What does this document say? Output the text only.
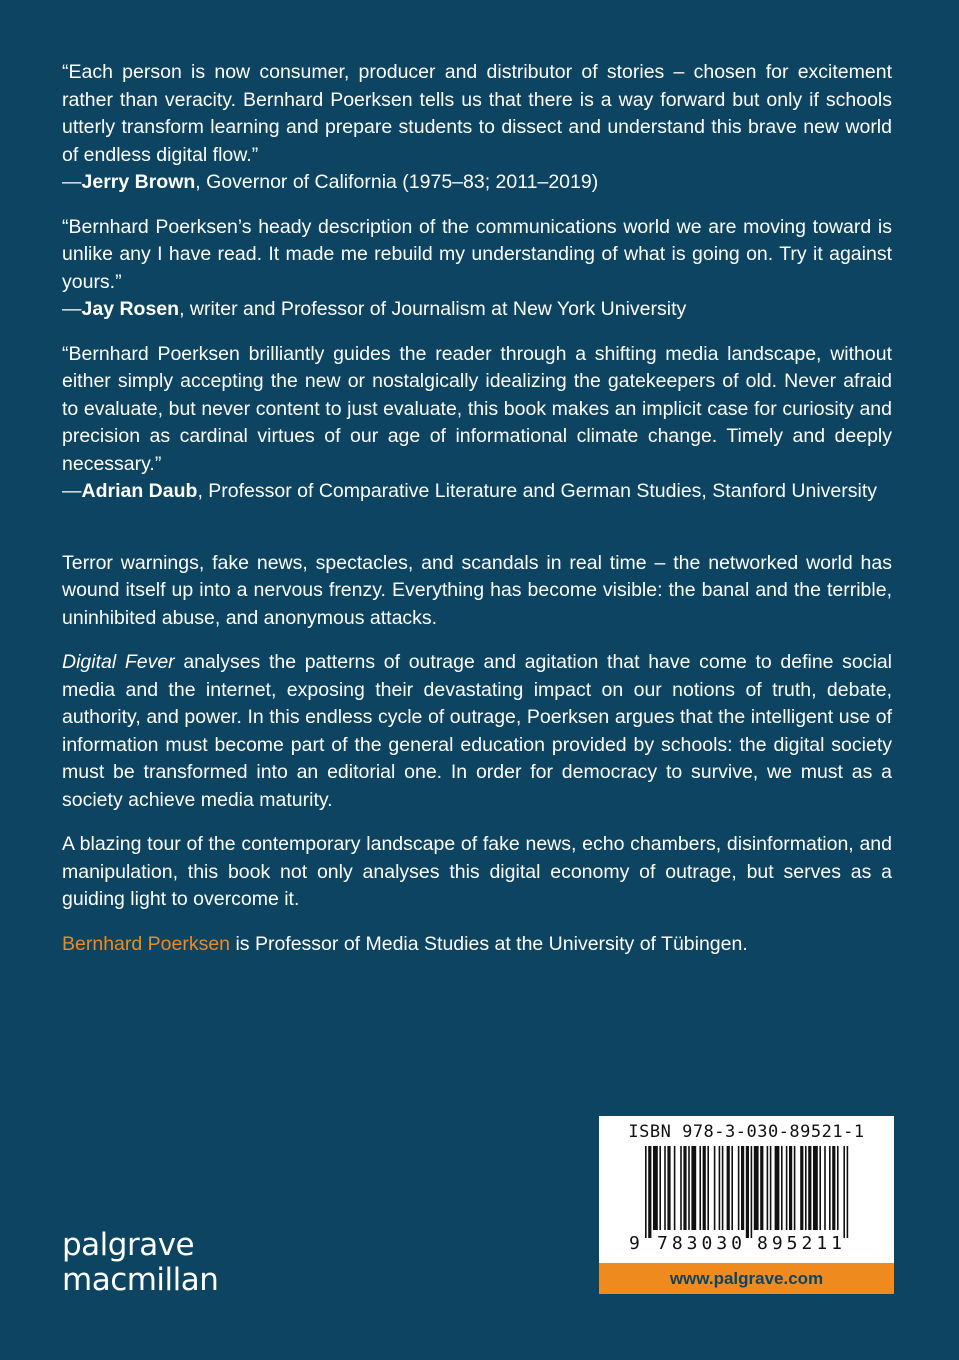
“Each person is now consumer, producer and distributor of stories – chosen for excitement rather than veracity. Bernhard Poerksen tells us that there is a way forward but only if schools utterly transform learning and prepare students to dissect and understand this brave new world of endless digital flow.”
—Jerry Brown, Governor of California (1975–83; 2011–2019)
“Bernhard Poerksen’s heady description of the communications world we are moving toward is unlike any I have read. It made me rebuild my understanding of what is going on. Try it against yours.”
—Jay Rosen, writer and Professor of Journalism at New York University
“Bernhard Poerksen brilliantly guides the reader through a shifting media landscape, without either simply accepting the new or nostalgically idealizing the gatekeepers of old. Never afraid to evaluate, but never content to just evaluate, this book makes an implicit case for curiosity and precision as cardinal virtues of our age of informational climate change. Timely and deeply necessary.”
—Adrian Daub, Professor of Comparative Literature and German Studies, Stanford University

Terror warnings, fake news, spectacles, and scandals in real time – the networked world has wound itself up into a nervous frenzy. Everything has become visible: the banal and the terrible, uninhibited abuse, and anonymous attacks.

Digital Fever analyses the patterns of outrage and agitation that have come to define social media and the internet, exposing their devastating impact on our notions of truth, debate, authority, and power. In this endless cycle of outrage, Poerksen argues that the intelligent use of information must become part of the general education provided by schools: the digital society must be transformed into an editorial one. In order for democracy to survive, we must as a society achieve media maturity.

A blazing tour of the contemporary landscape of fake news, echo chambers, disinformation, and manipulation, this book not only analyses this digital economy of outrage, but serves as a guiding light to overcome it.

Bernhard Poerksen is Professor of Media Studies at the University of Tübingen.

palgrave
macmillan
ISBN 978-3-030-89521-1
9 783030 895211
www.palgrave.com
